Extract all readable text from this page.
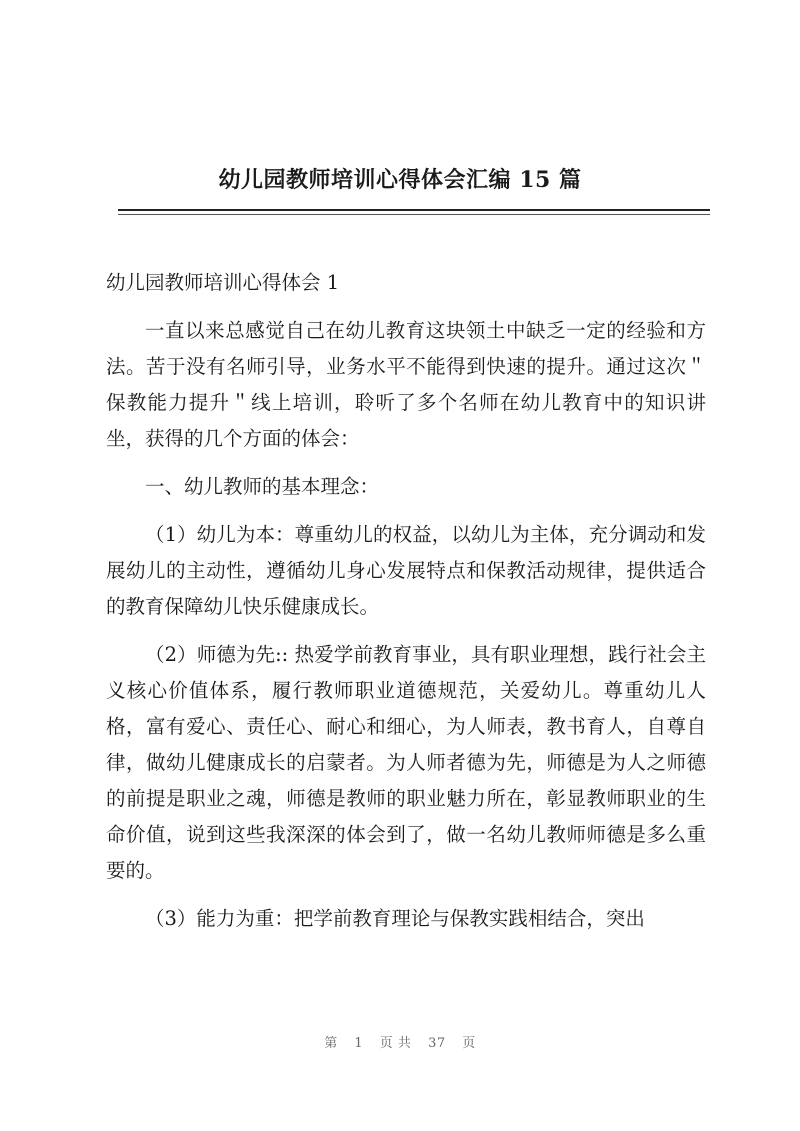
幼儿园教师培训心得体会汇编 15 篇

幼儿园教师培训心得体会 1

一直以来总感觉自己在幼儿教育这块领土中缺乏一定的经验和方法。苦于没有名师引导，业务水平不能得到快速的提升。通过这次＂保教能力提升＂线上培训，聆听了多个名师在幼儿教育中的知识讲坐，获得的几个方面的体会：

一、幼儿教师的基本理念：

（1）幼儿为本：尊重幼儿的权益，以幼儿为主体，充分调动和发展幼儿的主动性，遵循幼儿身心发展特点和保教活动规律，提供适合的教育保障幼儿快乐健康成长。

（2）师德为先:: 热爱学前教育事业，具有职业理想，践行社会主义核心价值体系，履行教师职业道德规范，关爱幼儿。尊重幼儿人格，富有爱心、责任心、耐心和细心，为人师表，教书育人，自尊自律，做幼儿健康成长的启蒙者。为人师者德为先，师德是为人之师德的前提是职业之魂，师德是教师的职业魅力所在，彰显教师职业的生命价值，说到这些我深深的体会到了，做一名幼儿教师师德是多么重要的。

（3）能力为重：把学前教育理论与保教实践相结合，突出

第 1 页 共 37 页
